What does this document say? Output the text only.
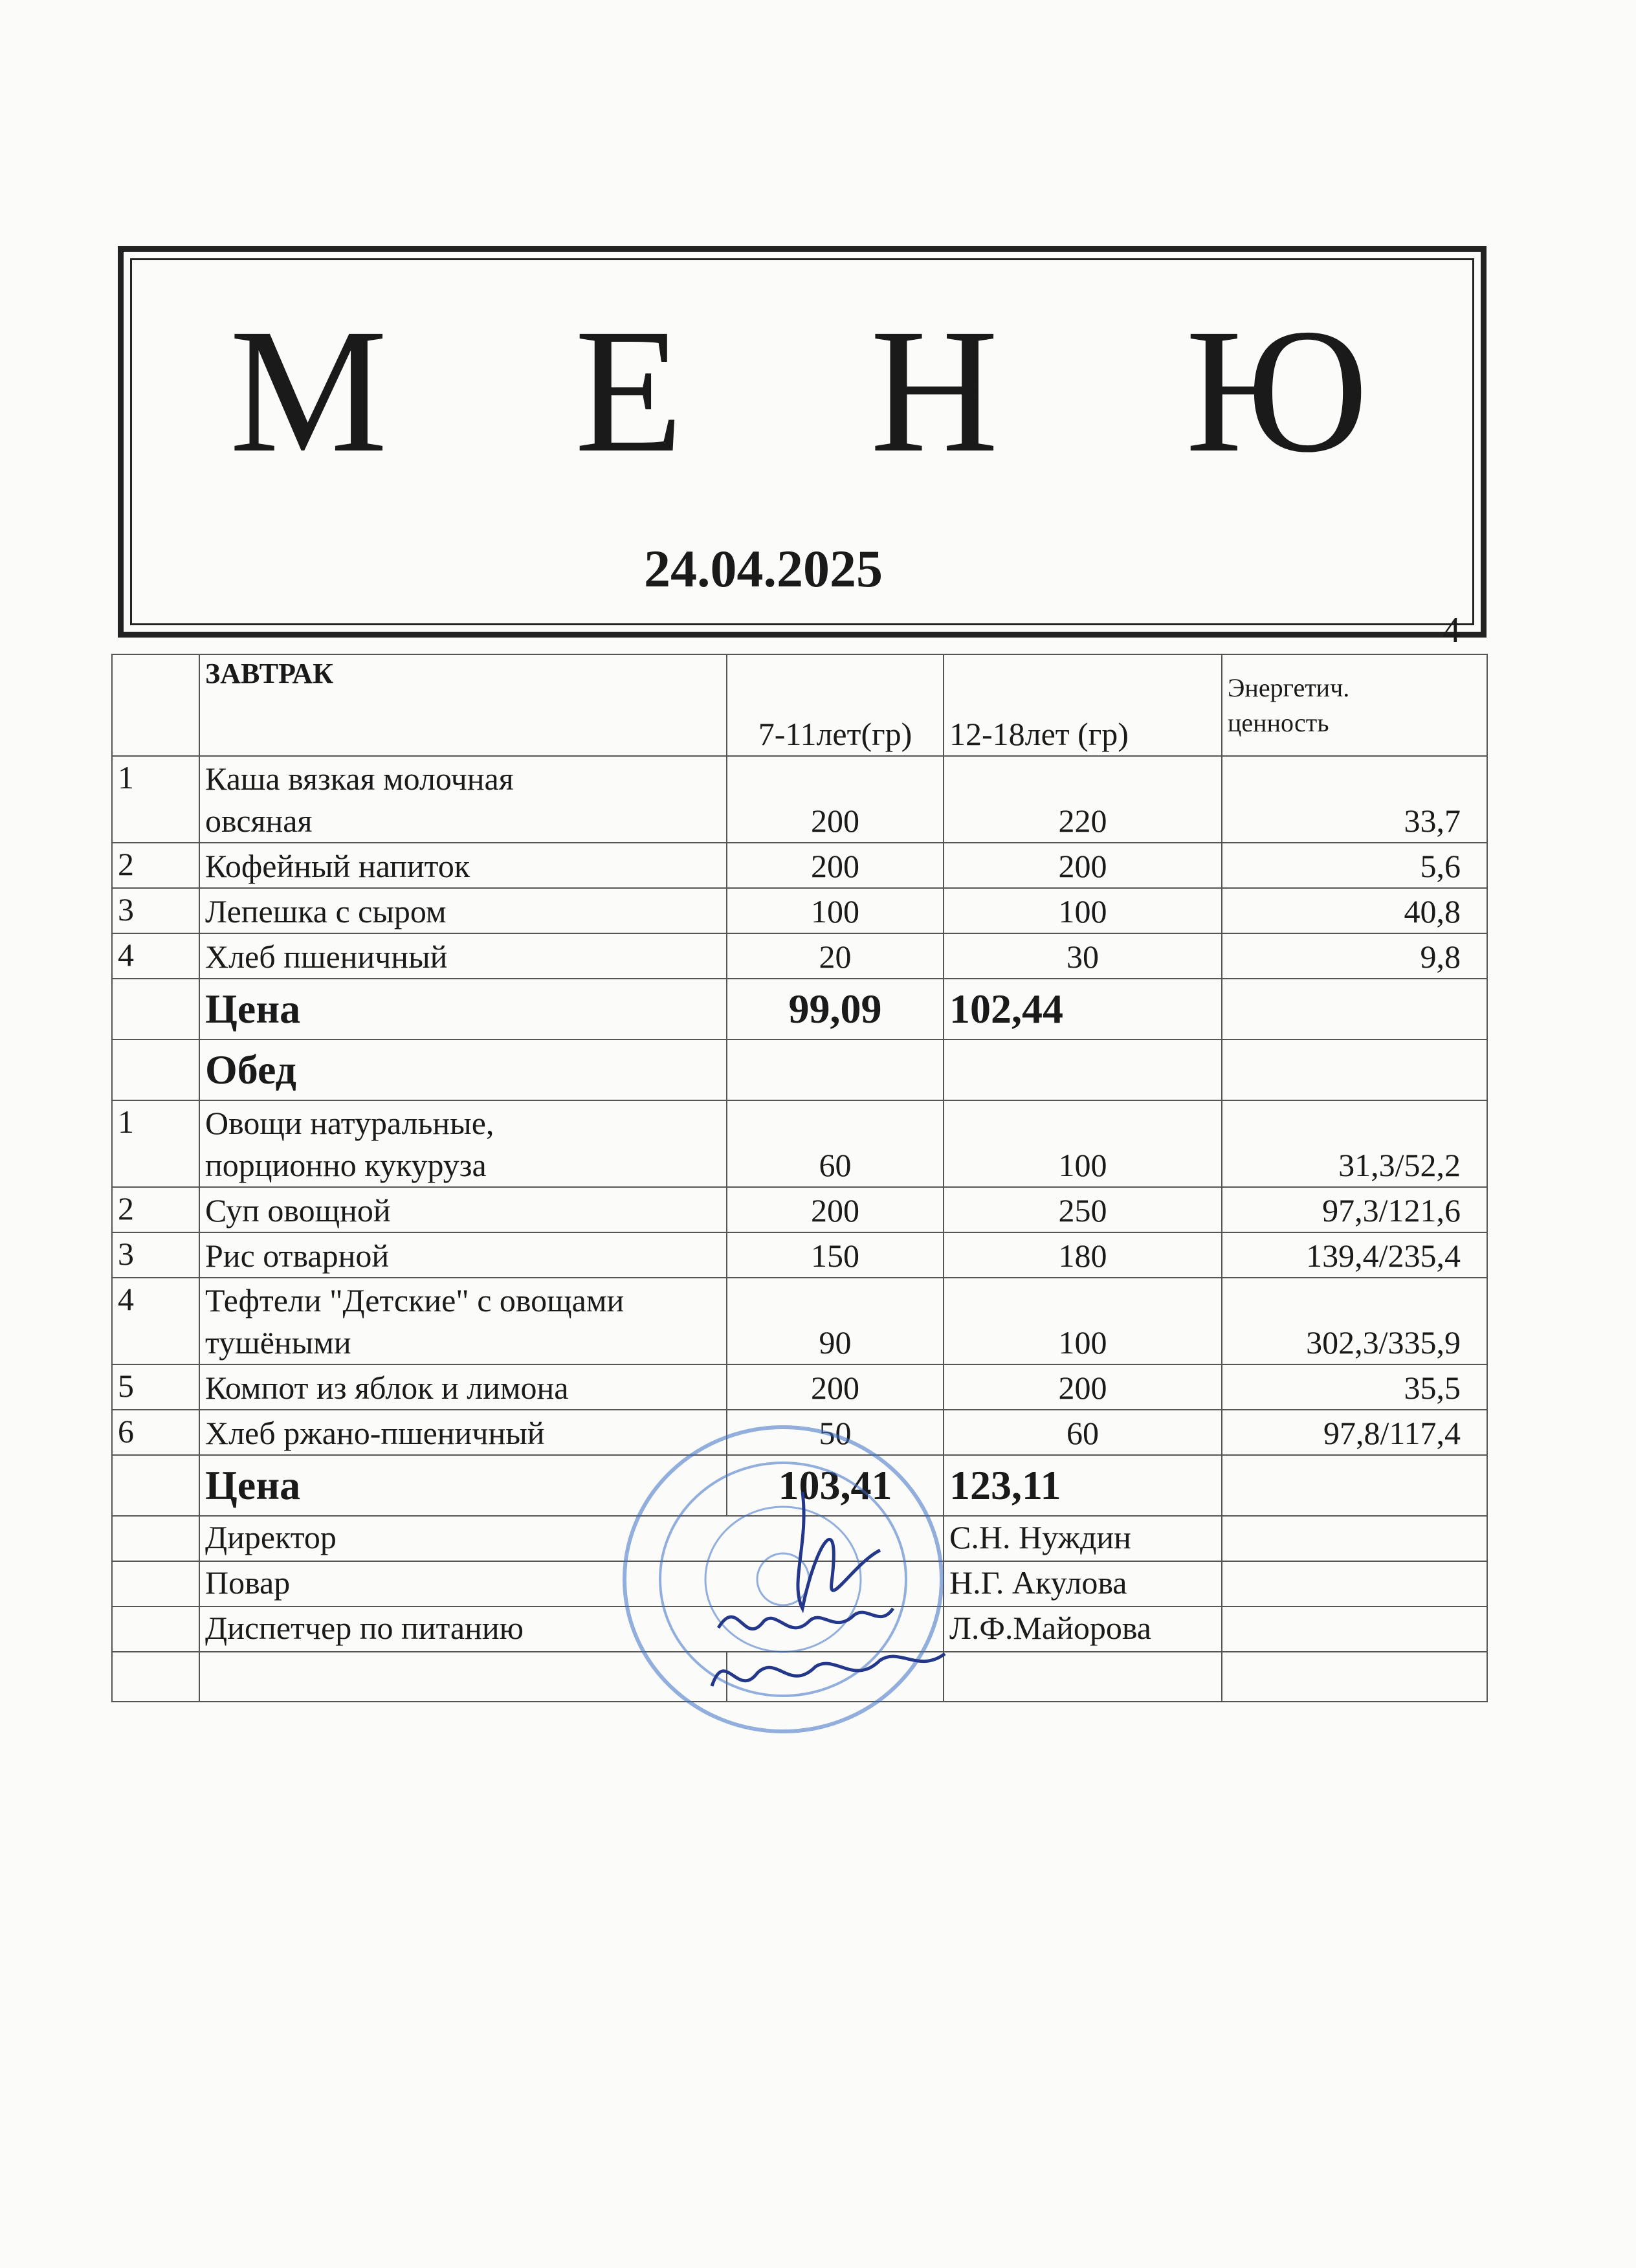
М Е Н Ю
24.04.2025
4
	ЗАВТРАК	7-11лет(гр)	12-18лет (гр)	Энергетич.
ценность

1	Каша вязкая молочная
овсяная	200	220	33,7
2	Кофейный напиток	200	200	5,6
3	Лепешка с сыром	100	100	40,8
4	Хлеб пшеничный	20	30	9,8
	Цена	99,09	102,44	
	Обед			
1	Овощи натуральные,
порционно кукуруза	60	100	31,3/52,2
2	Суп овощной	200	250	97,3/121,6
3	Рис отварной	150	180	139,4/235,4
4	Тефтели "Детские" с овощами
тушёными	90	100	302,3/335,9
5	Компот из яблок и лимона	200	200	35,5
6	Хлеб ржано-пшеничный	50	60	97,8/117,4
	Цена	103,41	123,11	
	Директор		С.Н. Нуждин	
	Повар		Н.Г. Акулова	
	Диспетчер по питанию		Л.Ф.Майорова	
